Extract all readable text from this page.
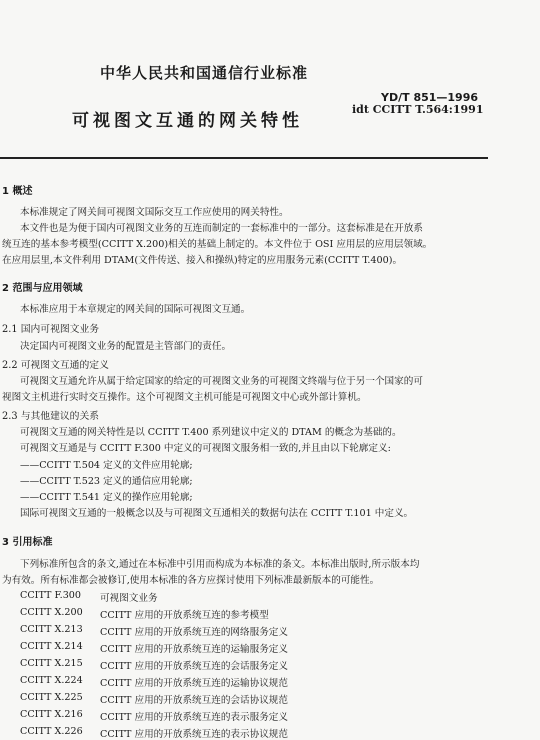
中华人民共和国通信行业标准
YD/T 851—1996
idt CCITT T.564:1991
可视图文互通的网关特性
1 概述
本标准规定了网关间可视图文国际交互工作应使用的网关特性。
本文件也是为便于国内可视图文业务的互连而制定的一套标准中的一部分。这套标准是在开放系
统互连的基本参考模型(CCITT X.200)相关的基础上制定的。本文件位于 OSI 应用层的应用层领域。
在应用层里,本文件利用 DTAM(文件传送、接入和操纵)特定的应用服务元素(CCITT T.400)。
2 范围与应用领域
本标准应用于本章规定的网关间的国际可视图文互通。
2.1 国内可视图文业务
决定国内可视图文业务的配置是主管部门的责任。
2.2 可视图文互通的定义
可视图文互通允许从属于给定国家的给定的可视图文业务的可视图文终端与位于另一个国家的可
视图文主机进行实时交互操作。这个可视图文主机可能是可视图文中心或外部计算机。
2.3 与其他建议的关系
可视图文互通的网关特性是以 CCITT T.400 系列建议中定义的 DTAM 的概念为基础的。
可视图文互通是与 CCITT F.300 中定义的可视图文服务相一致的,并且由以下轮廓定义:
——CCITT T.504 定义的文件应用轮廓;
——CCITT T.523 定义的通信应用轮廓;
——CCITT T.541 定义的操作应用轮廓;
国际可视图文互通的一般概念以及与可视图文互通相关的数据句法在 CCITT T.101 中定义。
3 引用标准
下列标准所包含的条文,通过在本标准中引用而构成为本标准的条文。本标准出版时,所示版本均
为有效。所有标准都会被修订,使用本标准的各方应探讨使用下列标准最新版本的可能性。
CCITT F.300 可视图文业务
CCITT X.200 CCITT 应用的开放系统互连的参考模型
CCITT X.213 CCITT 应用的开放系统互连的网络服务定义
CCITT X.214 CCITT 应用的开放系统互连的运输服务定义
CCITT X.215 CCITT 应用的开放系统互连的会话服务定义
CCITT X.224 CCITT 应用的开放系统互连的运输协议规范
CCITT X.225 CCITT 应用的开放系统互连的会话协议规范
CCITT X.216 CCITT 应用的开放系统互连的表示服务定义
CCITT X.226 CCITT 应用的开放系统互连的表示协议规范
